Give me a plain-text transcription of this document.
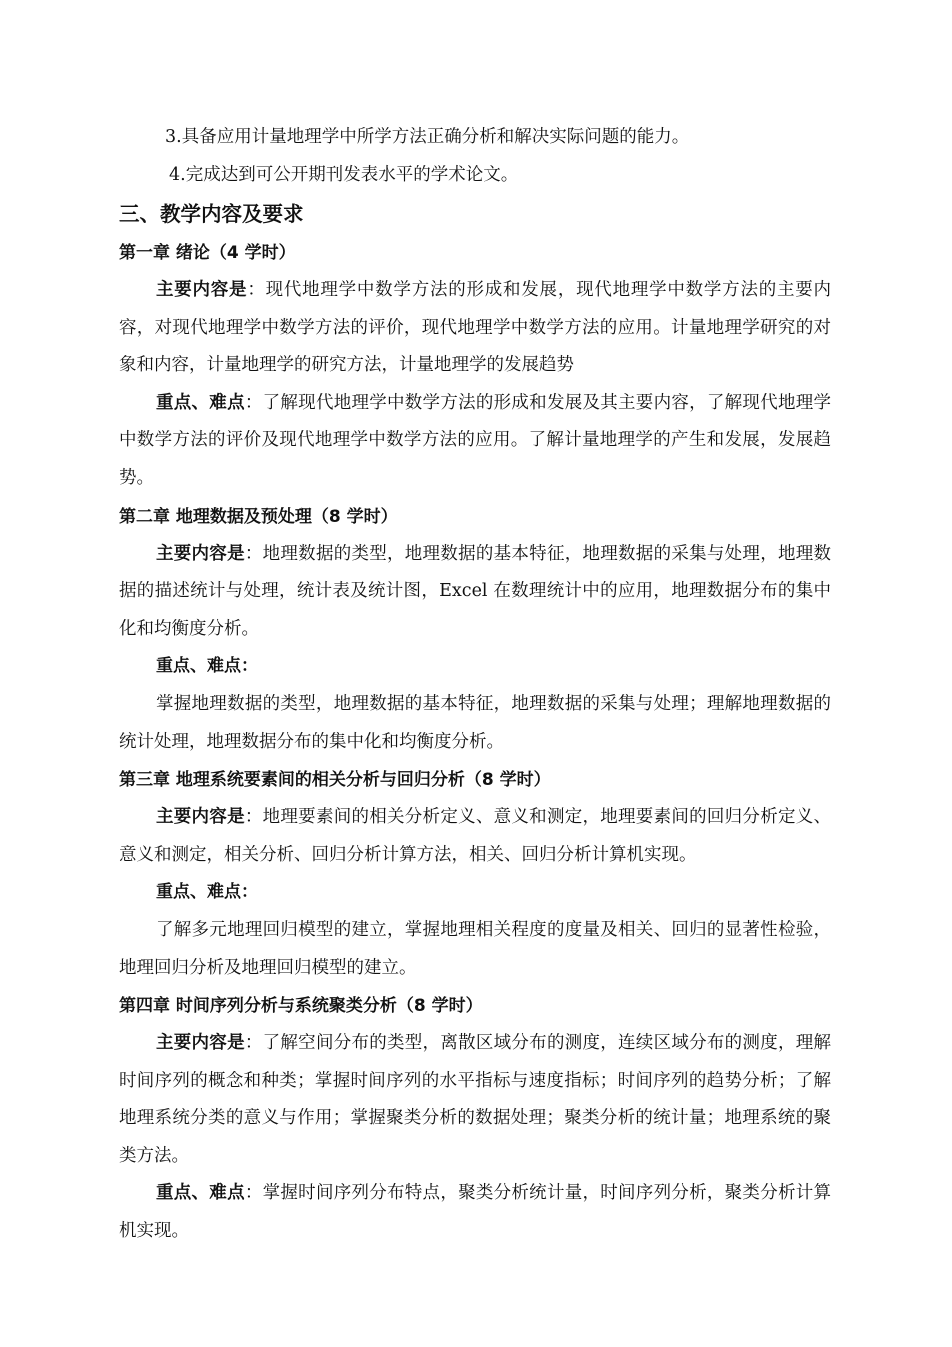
3.具备应用计量地理学中所学方法正确分析和解决实际问题的能力。
4.完成达到可公开期刊发表水平的学术论文。
三、教学内容及要求
第一章 绪论（4 学时）

主要内容是：现代地理学中数学方法的形成和发展，现代地理学中数学方法的主要内容，对现代地理学中数学方法的评价，现代地理学中数学方法的应用。计量地理学研究的对象和内容，计量地理学的研究方法，计量地理学的发展趋势

重点、难点：了解现代地理学中数学方法的形成和发展及其主要内容，了解现代地理学中数学方法的评价及现代地理学中数学方法的应用。了解计量地理学的产生和发展，发展趋势。

第二章 地理数据及预处理（8 学时）

主要内容是：地理数据的类型，地理数据的基本特征，地理数据的采集与处理，地理数据的描述统计与处理，统计表及统计图，Excel 在数理统计中的应用，地理数据分布的集中化和均衡度分析。

重点、难点：

掌握地理数据的类型，地理数据的基本特征，地理数据的采集与处理；理解地理数据的统计处理，地理数据分布的集中化和均衡度分析。

第三章 地理系统要素间的相关分析与回归分析（8 学时）

主要内容是：地理要素间的相关分析定义、意义和测定，地理要素间的回归分析定义、意义和测定，相关分析、回归分析计算方法，相关、回归分析计算机实现。

重点、难点：

了解多元地理回归模型的建立，掌握地理相关程度的度量及相关、回归的显著性检验，地理回归分析及地理回归模型的建立。

第四章 时间序列分析与系统聚类分析（8 学时）

主要内容是：了解空间分布的类型，离散区域分布的测度，连续区域分布的测度，理解时间序列的概念和种类；掌握时间序列的水平指标与速度指标；时间序列的趋势分析；了解地理系统分类的意义与作用；掌握聚类分析的数据处理；聚类分析的统计量；地理系统的聚类方法。

重点、难点：掌握时间序列分布特点，聚类分析统计量，时间序列分析，聚类分析计算机实现。
